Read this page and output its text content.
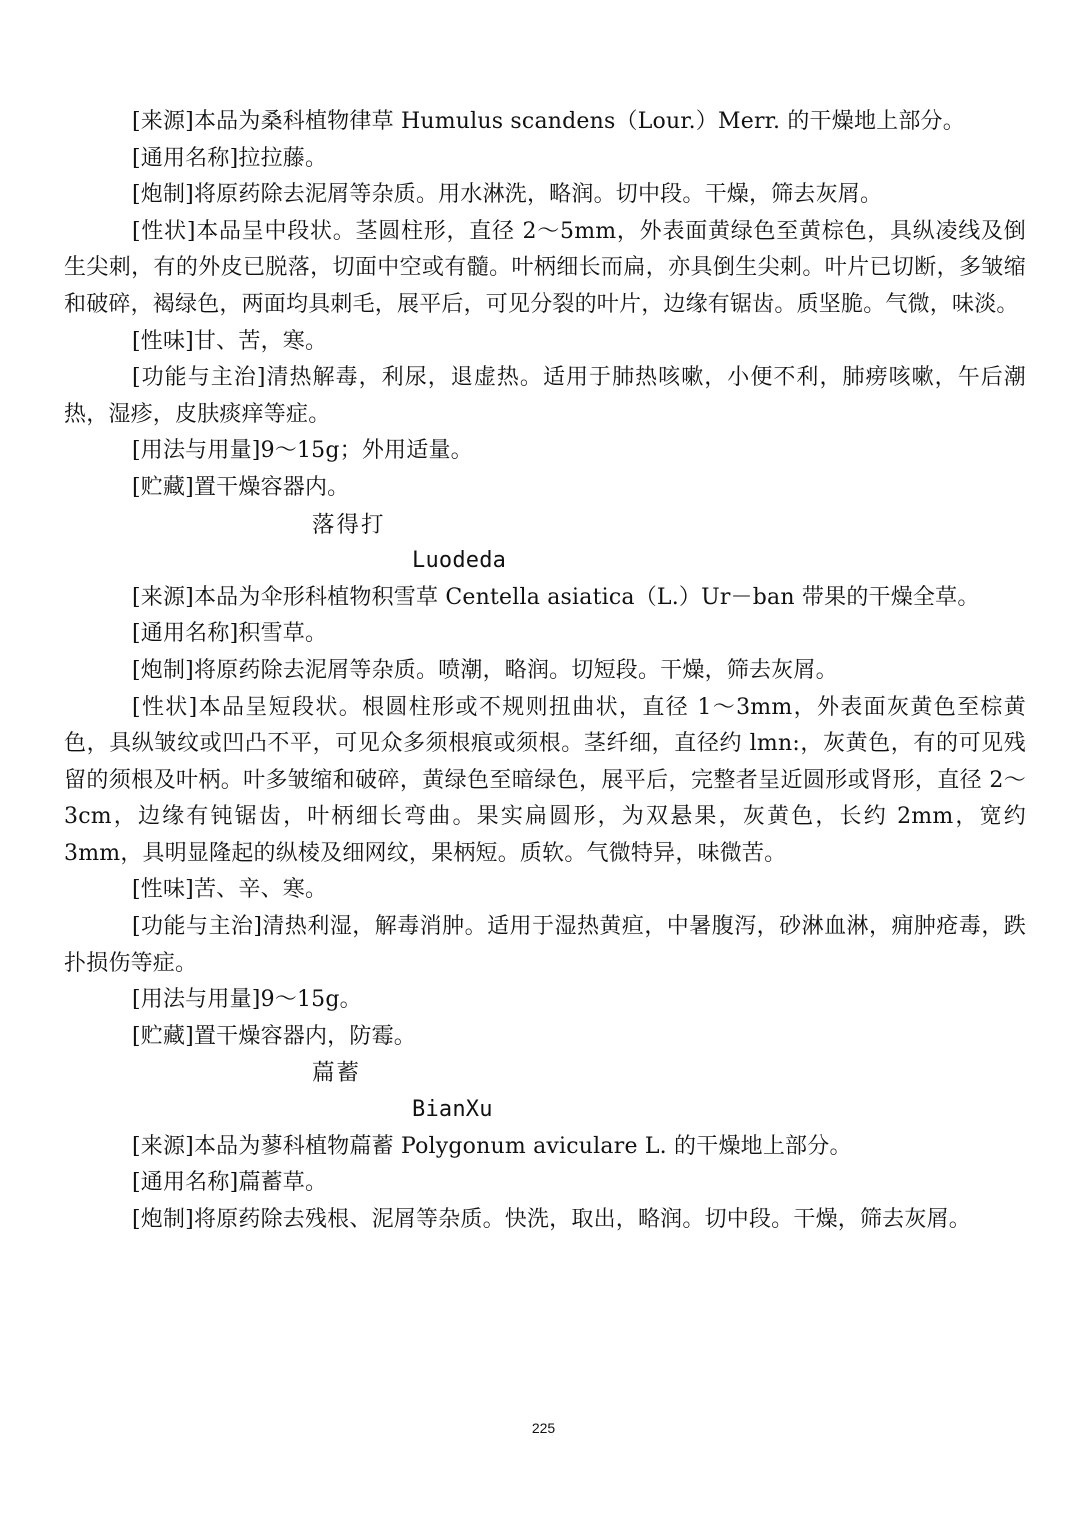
[来源]本品为桑科植物律草 Humulus scandens（Lour.）Merr. 的干燥地上部分。

[通用名称]拉拉藤。

[炮制]将原药除去泥屑等杂质。用水淋洗，略润。切中段。干燥，筛去灰屑。

[性状]本品呈中段状。茎圆柱形，直径 2～5mm，外表面黄绿色至黄棕色，具纵凌线及倒生尖刺，有的外皮已脱落，切面中空或有髓。叶柄细长而扁，亦具倒生尖刺。叶片已切断，多皱缩和破碎，褐绿色，两面均具刺毛，展平后，可见分裂的叶片，边缘有锯齿。质坚脆。气微，味淡。

[性味]甘、苦，寒。

[功能与主治]清热解毒，利尿，退虚热。适用于肺热咳嗽，小便不利，肺痨咳嗽，午后潮热，湿疹，皮肤痰痒等症。

[用法与用量]9～15g；外用适量。

[贮藏]置干燥容器内。

落得打

Luodeda

[来源]本品为伞形科植物积雪草 Centella asiatica（L.）Ur－ban 带果的干燥全草。

[通用名称]积雪草。

[炮制]将原药除去泥屑等杂质。喷潮，略润。切短段。干燥，筛去灰屑。

[性状]本品呈短段状。根圆柱形或不规则扭曲状，直径 1～3mm，外表面灰黄色至棕黄色，具纵皱纹或凹凸不平，可见众多须根痕或须根。茎纤细，直径约 lmn:，灰黄色，有的可见残留的须根及叶柄。叶多皱缩和破碎，黄绿色至暗绿色，展平后，完整者呈近圆形或肾形，直径 2～3cm，边缘有钝锯齿，叶柄细长弯曲。果实扁圆形，为双悬果，灰黄色，长约 2mm，宽约 3mm，具明显隆起的纵棱及细网纹，果柄短。质软。气微特异，味微苦。

[性味]苦、辛、寒。

[功能与主治]清热利湿，解毒消肿。适用于湿热黄疸，中暑腹泻，砂淋血淋，痈肿疮毒，跌扑损伤等症。

[用法与用量]9～15g。

[贮藏]置干燥容器内，防霉。

萹蓄

BianXu

[来源]本品为蓼科植物萹蓄 Polygonum aviculare L. 的干燥地上部分。

[通用名称]萹蓄草。

[炮制]将原药除去残根、泥屑等杂质。快洗，取出，略润。切中段。干燥，筛去灰屑。

225
